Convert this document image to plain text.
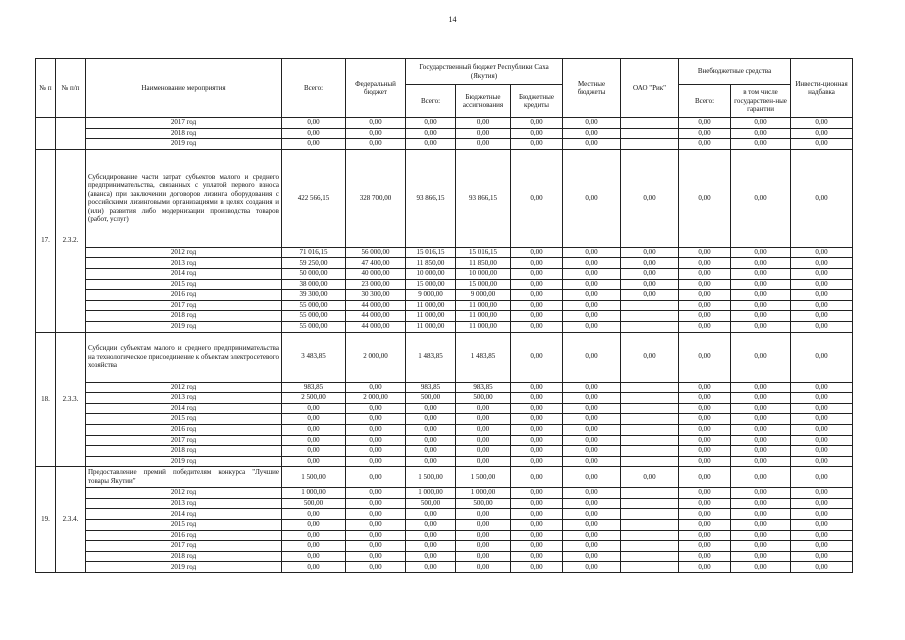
14
№ п	№ п/п	Наименование мероприятия	Всего:	Федеральный бюджет	Государственный бюджет Республики Саха (Якутия)			Местные бюджеты	ОАО "Рик"	Внебюджетные средства		Инвести-ционная надбавка
					Всего:	Бюджетные ассигнования	Бюджетные кредиты			Всего:	в том числе государствен-ные гарантии	
		2017 год	0,00	0,00	0,00	0,00	0,00	0,00		0,00	0,00	0,00
		2018 год	0,00	0,00	0,00	0,00	0,00	0,00		0,00	0,00	0,00
		2019 год	0,00	0,00	0,00	0,00	0,00	0,00		0,00	0,00	0,00
17.	2.3.2.	Субсидирование части затрат субъектов малого и среднего предпринимательства, связанных с уплатой первого взноса (аванса) при заключении договоров лизинга оборудования с российскими лизинговыми организациями в целях создания и (или) развития либо модернизации производства товаров (работ, услуг)	422 566,15	328 700,00	93 866,15	93 866,15	0,00	0,00	0,00	0,00	0,00	0,00
		2012 год	71 016,15	56 000,00	15 016,15	15 016,15	0,00	0,00	0,00	0,00	0,00	0,00
		2013 год	59 250,00	47 400,00	11 850,00	11 850,00	0,00	0,00	0,00	0,00	0,00	0,00
		2014 год	50 000,00	40 000,00	10 000,00	10 000,00	0,00	0,00	0,00	0,00	0,00	0,00
		2015 год	38 000,00	23 000,00	15 000,00	15 000,00	0,00	0,00	0,00	0,00	0,00	0,00
		2016 год	39 300,00	30 300,00	9 000,00	9 000,00	0,00	0,00	0,00	0,00	0,00	0,00
		2017 год	55 000,00	44 000,00	11 000,00	11 000,00	0,00	0,00		0,00	0,00	0,00
		2018 год	55 000,00	44 000,00	11 000,00	11 000,00	0,00	0,00		0,00	0,00	0,00
		2019 год	55 000,00	44 000,00	11 000,00	11 000,00	0,00	0,00		0,00	0,00	0,00
18.	2.3.3.	Субсидии субъектам малого и среднего предпринимательства на технологическое присоединение к объектам электросетевого хозяйства	3 483,85	2 000,00	1 483,85	1 483,85	0,00	0,00	0,00	0,00	0,00	0,00
		2012 год	983,85	0,00	983,85	983,85	0,00	0,00		0,00	0,00	0,00
		2013 год	2 500,00	2 000,00	500,00	500,00	0,00	0,00		0,00	0,00	0,00
		2014 год	0,00	0,00	0,00	0,00	0,00	0,00		0,00	0,00	0,00
		2015 год	0,00	0,00	0,00	0,00	0,00	0,00		0,00	0,00	0,00
		2016 год	0,00	0,00	0,00	0,00	0,00	0,00		0,00	0,00	0,00
		2017 год	0,00	0,00	0,00	0,00	0,00	0,00		0,00	0,00	0,00
		2018 год	0,00	0,00	0,00	0,00	0,00	0,00		0,00	0,00	0,00
		2019 год	0,00	0,00	0,00	0,00	0,00	0,00		0,00	0,00	0,00
19.	2.3.4.	Предоставление премий победителям конкурса "Лучшие товары Якутии"	1 500,00	0,00	1 500,00	1 500,00	0,00	0,00	0,00	0,00	0,00	0,00
		2012 год	1 000,00	0,00	1 000,00	1 000,00	0,00	0,00		0,00	0,00	0,00
		2013 год	500,00	0,00	500,00	500,00	0,00	0,00		0,00	0,00	0,00
		2014 год	0,00	0,00	0,00	0,00	0,00	0,00		0,00	0,00	0,00
		2015 год	0,00	0,00	0,00	0,00	0,00	0,00		0,00	0,00	0,00
		2016 год	0,00	0,00	0,00	0,00	0,00	0,00		0,00	0,00	0,00
		2017 год	0,00	0,00	0,00	0,00	0,00	0,00		0,00	0,00	0,00
		2018 год	0,00	0,00	0,00	0,00	0,00	0,00		0,00	0,00	0,00
		2019 год	0,00	0,00	0,00	0,00	0,00	0,00		0,00	0,00	0,00
